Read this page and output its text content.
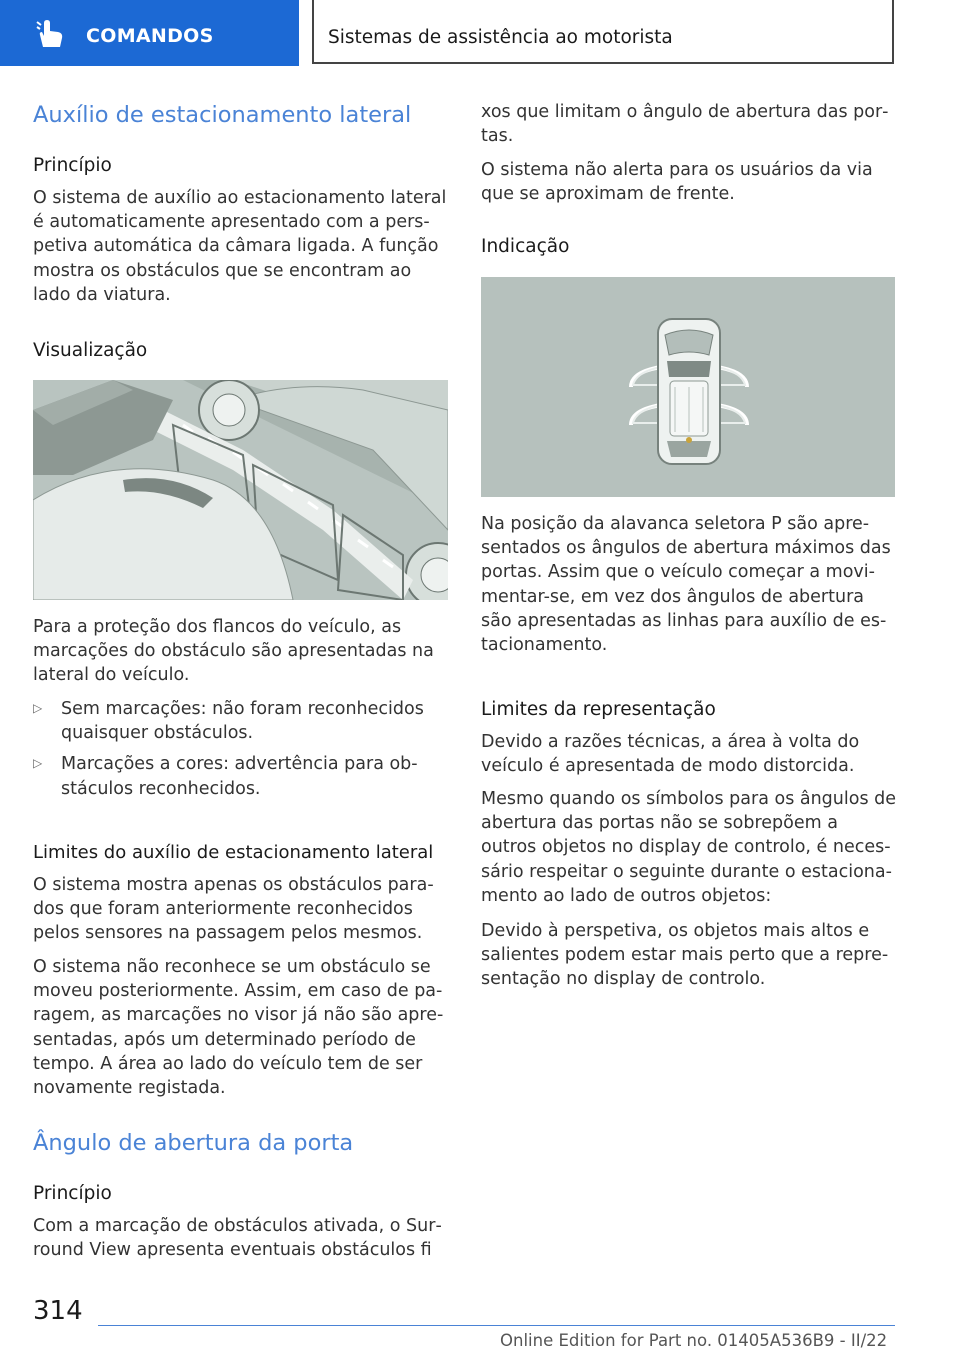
COMANDOS	Sistemas de assistência ao motorista
Auxílio de estacionamento lateral
Princípio

O sistema de auxílio ao estacionamento lateral é automaticamente apresentado com a perspetiva automática da câmara ligada. A função mostra os obstáculos que se encontram ao lado da viatura.

Visualização

Para a proteção dos flancos do veículo, as marcações do obstáculo são apresentadas na lateral do veículo.

▷	Sem marcações: não foram reconhecidos quaisquer obstáculos.
▷	Marcações a cores: advertência para obstáculos reconhecidos.
Limites do auxílio de estacionamento lateral

O sistema mostra apenas os obstáculos parados que foram anteriormente reconhecidos pelos sensores na passagem pelos mesmos.

O sistema não reconhece se um obstáculo se moveu posteriormente. Assim, em caso de paragem, as marcações no visor já não são apresentadas, após um determinado período de tempo. A área ao lado do veículo tem de ser novamente registada.

Ângulo de abertura da porta
Princípio

Com a marcação de obstáculos ativada, o Surround View apresenta eventuais obstáculos fi

xos que limitam o ângulo de abertura das portas.

O sistema não alerta para os usuários da via que se aproximam de frente.

Indicação

Na posição da alavanca seletora P são apresentados os ângulos de abertura máximos das portas. Assim que o veículo começar a movimentar-se, em vez dos ângulos de abertura são apresentadas as linhas para auxílio de estacionamento.

Limites da representação

Devido a razões técnicas, a área à volta do veículo é apresentada de modo distorcida.

Mesmo quando os símbolos para os ângulos de abertura das portas não se sobrepõem a outros objetos no display de controlo, é necessário respeitar o seguinte durante o estacionamento ao lado de outros objetos:

Devido à perspetiva, os objetos mais altos e salientes podem estar mais perto que a representação no display de controlo.

314
Online Edition for Part no. 01405A536B9 - II/22
